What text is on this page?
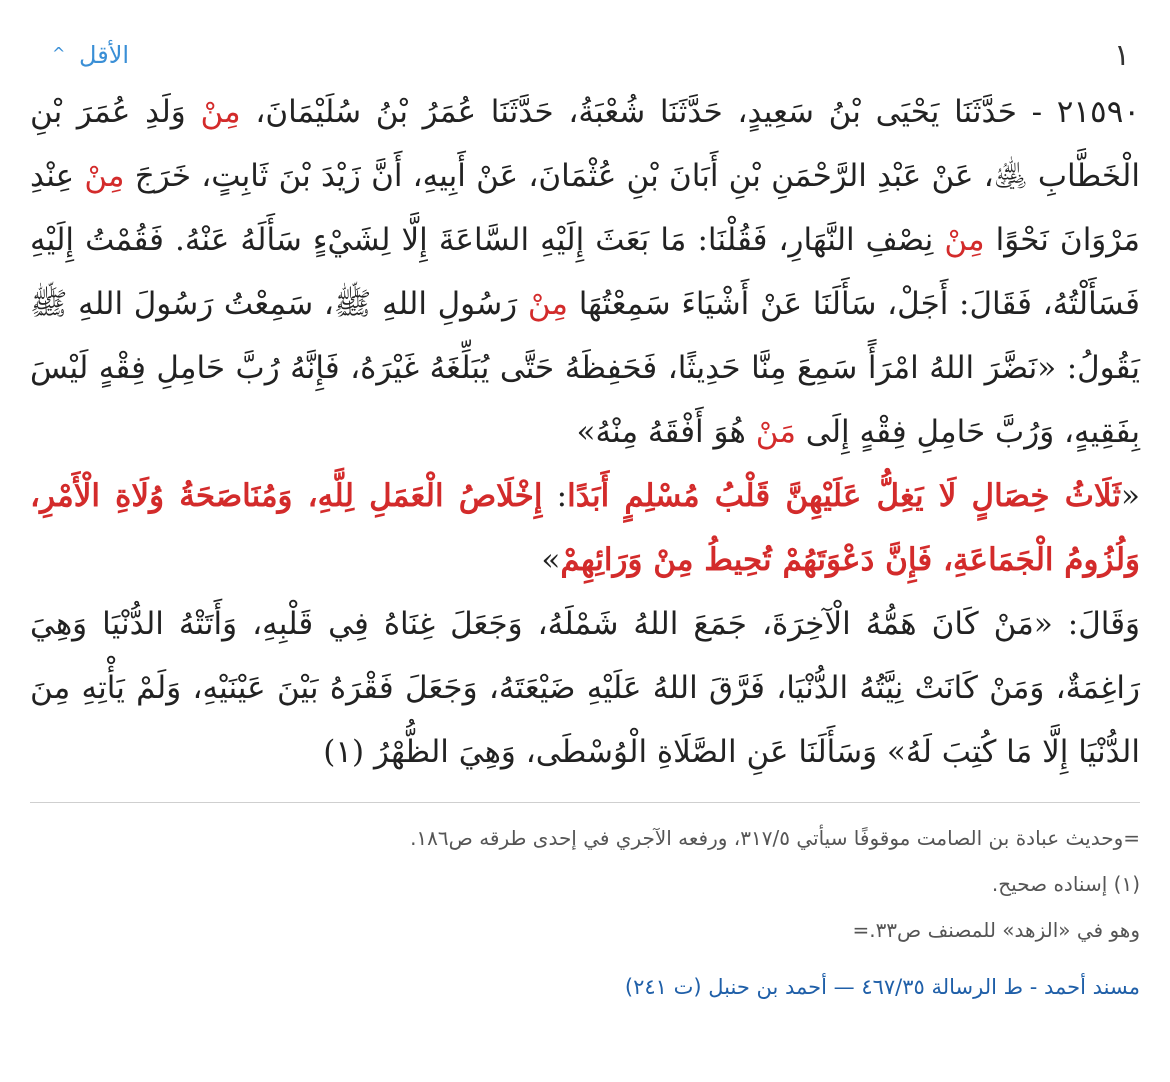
١
الأقل ^

٢١٥٩٠ - حَدَّثَنَا يَحْيَى بْنُ سَعِيدٍ، حَدَّثَنَا شُعْبَةُ، حَدَّثَنَا عُمَرُ بْنُ سُلَيْمَانَ، مِنْ وَلَدِ عُمَرَ بْنِ الْخَطَّابِ ﵁، عَنْ عَبْدِ الرَّحْمَنِ بْنِ أَبَانَ بْنِ عُثْمَانَ، عَنْ أَبِيهِ، أَنَّ زَيْدَ بْنَ ثَابِتٍ، خَرَجَ مِنْ عِنْدِ مَرْوَانَ نَحْوًا مِنْ نِصْفِ النَّهَارِ، فَقُلْنَا: مَا بَعَثَ إِلَيْهِ السَّاعَةَ إِلَّا لِشَيْءٍ سَأَلَهُ عَنْهُ. فَقُمْتُ إِلَيْهِ فَسَأَلْتُهُ، فَقَالَ: أَجَلْ، سَأَلَنَا عَنْ أَشْيَاءَ سَمِعْتُهَا مِنْ رَسُولِ اللهِ ﷺ، سَمِعْتُ رَسُولَ اللهِ ﷺ يَقُولُ: «نَضَّرَ اللهُ امْرَأً سَمِعَ مِنَّا حَدِيثًا، فَحَفِظَهُ حَتَّى يُبَلِّغَهُ غَيْرَهُ، فَإِنَّهُ رُبَّ حَامِلِ فِقْهٍ لَيْسَ بِفَقِيهٍ، وَرُبَّ حَامِلِ فِقْهٍ إِلَى مَنْ هُوَ أَفْقَهُ مِنْهُ»

«ثَلَاثُ خِصَالٍ لَا يَغِلُّ عَلَيْهِنَّ قَلْبُ مُسْلِمٍ أَبَدًا: إِخْلَاصُ الْعَمَلِ لِلَّهِ، وَمُنَاصَحَةُ وُلَاةِ الْأَمْرِ، وَلُزُومُ الْجَمَاعَةِ، فَإِنَّ دَعْوَتَهُمْ تُحِيطُ مِنْ وَرَائِهِمْ»

وَقَالَ: «مَنْ كَانَ هَمُّهُ الْآخِرَةَ، جَمَعَ اللهُ شَمْلَهُ، وَجَعَلَ غِنَاهُ فِي قَلْبِهِ، وَأَتَتْهُ الدُّنْيَا وَهِيَ رَاغِمَةٌ، وَمَنْ كَانَتْ نِيَّتُهُ الدُّنْيَا، فَرَّقَ اللهُ عَلَيْهِ ضَيْعَتَهُ، وَجَعَلَ فَقْرَهُ بَيْنَ عَيْنَيْهِ، وَلَمْ يَأْتِهِ مِنَ الدُّنْيَا إِلَّا مَا كُتِبَ لَهُ» وَسَأَلَنَا عَنِ الصَّلَاةِ الْوُسْطَى، وَهِيَ الظُّهْرُ (١)

=وحديث عبادة بن الصامت موقوفًا سيأتي ٣١٧/٥، ورفعه الآجري في إحدى طرقه ص١٨٦.

(١) إسناده صحيح.

وهو في «الزهد» للمصنف ص٣٣.=

مسند أحمد - ط الرسالة ٤٦٧/٣٥ — أحمد بن حنبل (ت ٢٤١)
